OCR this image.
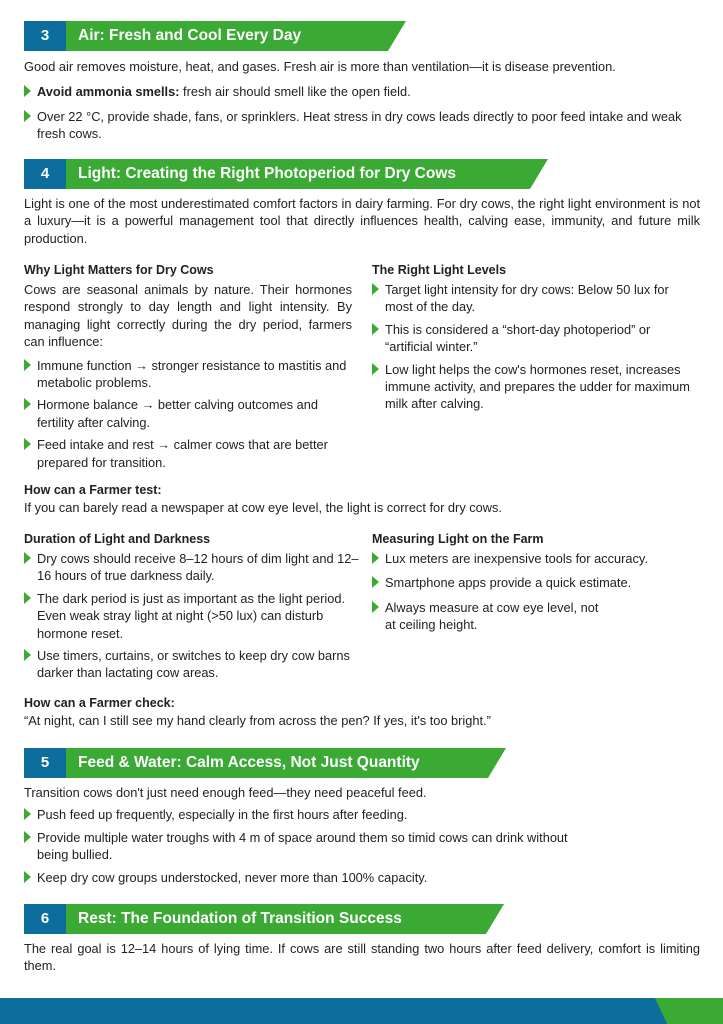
3	Air: Fresh and Cool Every Day

Good air removes moisture, heat, and gases. Fresh air is more than ventilation—it is disease prevention.

Avoid ammonia smells: fresh air should smell like the open field.
Over 22 °C, provide shade, fans, or sprinklers. Heat stress in dry cows leads directly to poor feed intake and weak fresh cows.
4	Light: Creating the Right Photoperiod for Dry Cows

Light is one of the most underestimated comfort factors in dairy farming. For dry cows, the right light environment is not a luxury—it is a powerful management tool that directly influences health, calving ease, immunity, and future milk production.

Why Light Matters for Dry Cows

Cows are seasonal animals by nature. Their hormones respond strongly to day length and light intensity. By managing light correctly during the dry period, farmers can influence:

Immune function → stronger resistance to mastitis and metabolic problems.
Hormone balance → better calving outcomes and fertility after calving.
Feed intake and rest → calmer cows that are better prepared for transition.
The Right Light Levels
Target light intensity for dry cows: Below 50 lux for most of the day.
This is considered a “short-day photoperiod” or “artificial winter.”
Low light helps the cow's hormones reset, increases immune activity, and prepares the udder for maximum milk after calving.
How can a Farmer test:

If you can barely read a newspaper at cow eye level, the light is correct for dry cows.

Duration of Light and Darkness
Dry cows should receive 8–12 hours of dim light and 12–16 hours of true darkness daily.
The dark period is just as important as the light period. Even weak stray light at night (>50 lux) can disturb hormone reset.
Use timers, curtains, or switches to keep dry cow barns darker than lactating cow areas.
Measuring Light on the Farm
Lux meters are inexpensive tools for accuracy.
Smartphone apps provide a quick estimate.
Always measure at cow eye level, not at ceiling height.
How can a Farmer check:

“At night, can I still see my hand clearly from across the pen? If yes, it's too bright.”

5	Feed & Water: Calm Access, Not Just Quantity

Transition cows don't just need enough feed—they need peaceful feed.

Push feed up frequently, especially in the first hours after feeding.
Provide multiple water troughs with 4 m of space around them so timid cows can drink without being bullied.
Keep dry cow groups understocked, never more than 100% capacity.
6	Rest: The Foundation of Transition Success

The real goal is 12–14 hours of lying time. If cows are still standing two hours after feed delivery, comfort is limiting them.
